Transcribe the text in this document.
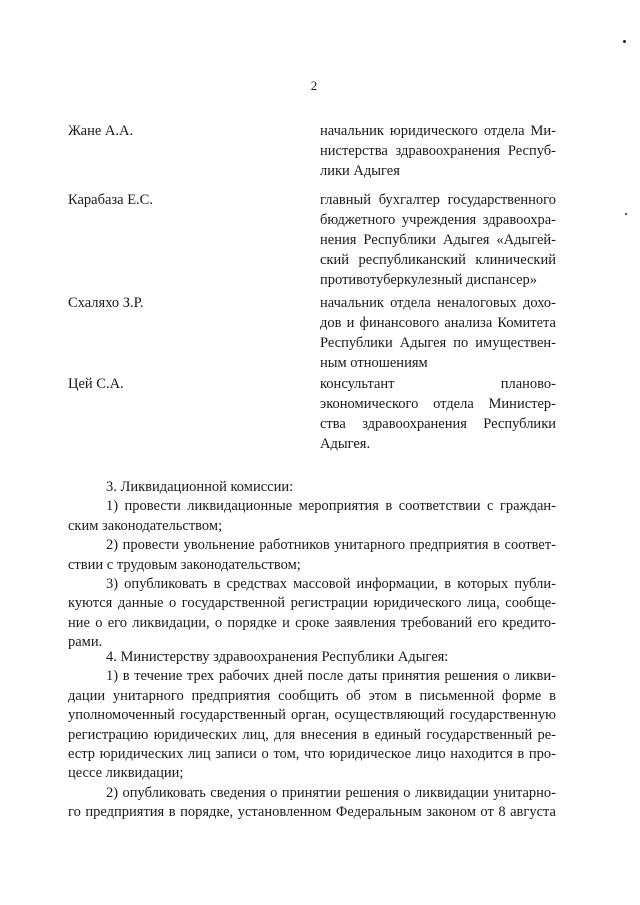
2
Жане А.А.	начальник юридического отдела Ми-
нистерства здравоохранения Респуб-
лики Адыгея
Карабаза Е.С.	главный бухгалтер государственного
бюджетного учреждения здравоохра-
нения Республики Адыгея «Адыгей-
ский республиканский клинический
противотуберкулезный диспансер»
Схаляхо З.Р.	начальник отдела неналоговых дохо-
дов и финансового анализа Комитета
Республики Адыгея по имуществен-
ным отношениям
Цей С.А.	консультант планово-
экономического отдела Министер-
ства здравоохранения Республики
Адыгея.
3. Ликвидационной комиссии:
1) провести ликвидационные мероприятия в соответствии с граждан-
ским законодательством;
2) провести увольнение работников унитарного предприятия в соответ-
ствии с трудовым законодательством;
3) опубликовать в средствах массовой информации, в которых публи-
куются данные о государственной регистрации юридического лица, сообще-
ние о его ликвидации, о порядке и сроке заявления требований его кредито-
рами.
4. Министерству здравоохранения Республики Адыгея:
1) в течение трех рабочих дней после даты принятия решения о ликви-
дации унитарного предприятия сообщить об этом в письменной форме в
уполномоченный государственный орган, осуществляющий государственную
регистрацию юридических лиц, для внесения в единый государственный ре-
естр юридических лиц записи о том, что юридическое лицо находится в про-
цессе ликвидации;
2) опубликовать сведения о принятии решения о ликвидации унитарно-
го предприятия в порядке, установленном Федеральным законом от 8 августа
